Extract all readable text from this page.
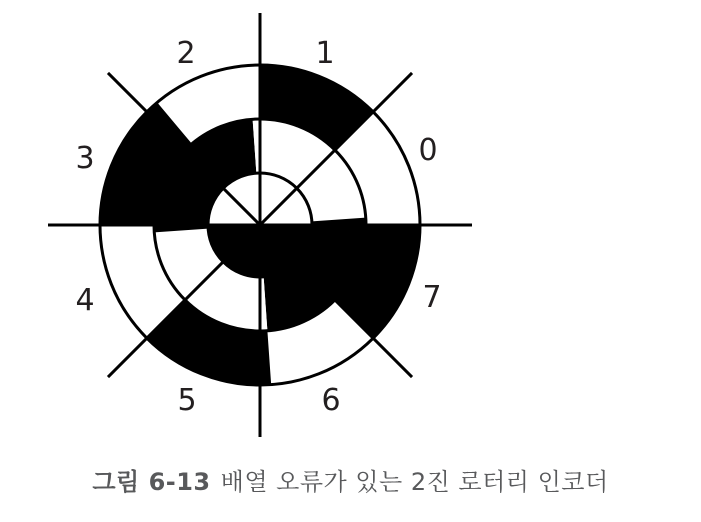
0
1
2
3
4
5	6
7
그림 6-13 배열 오류가 있는 2진 로터리 인코더
